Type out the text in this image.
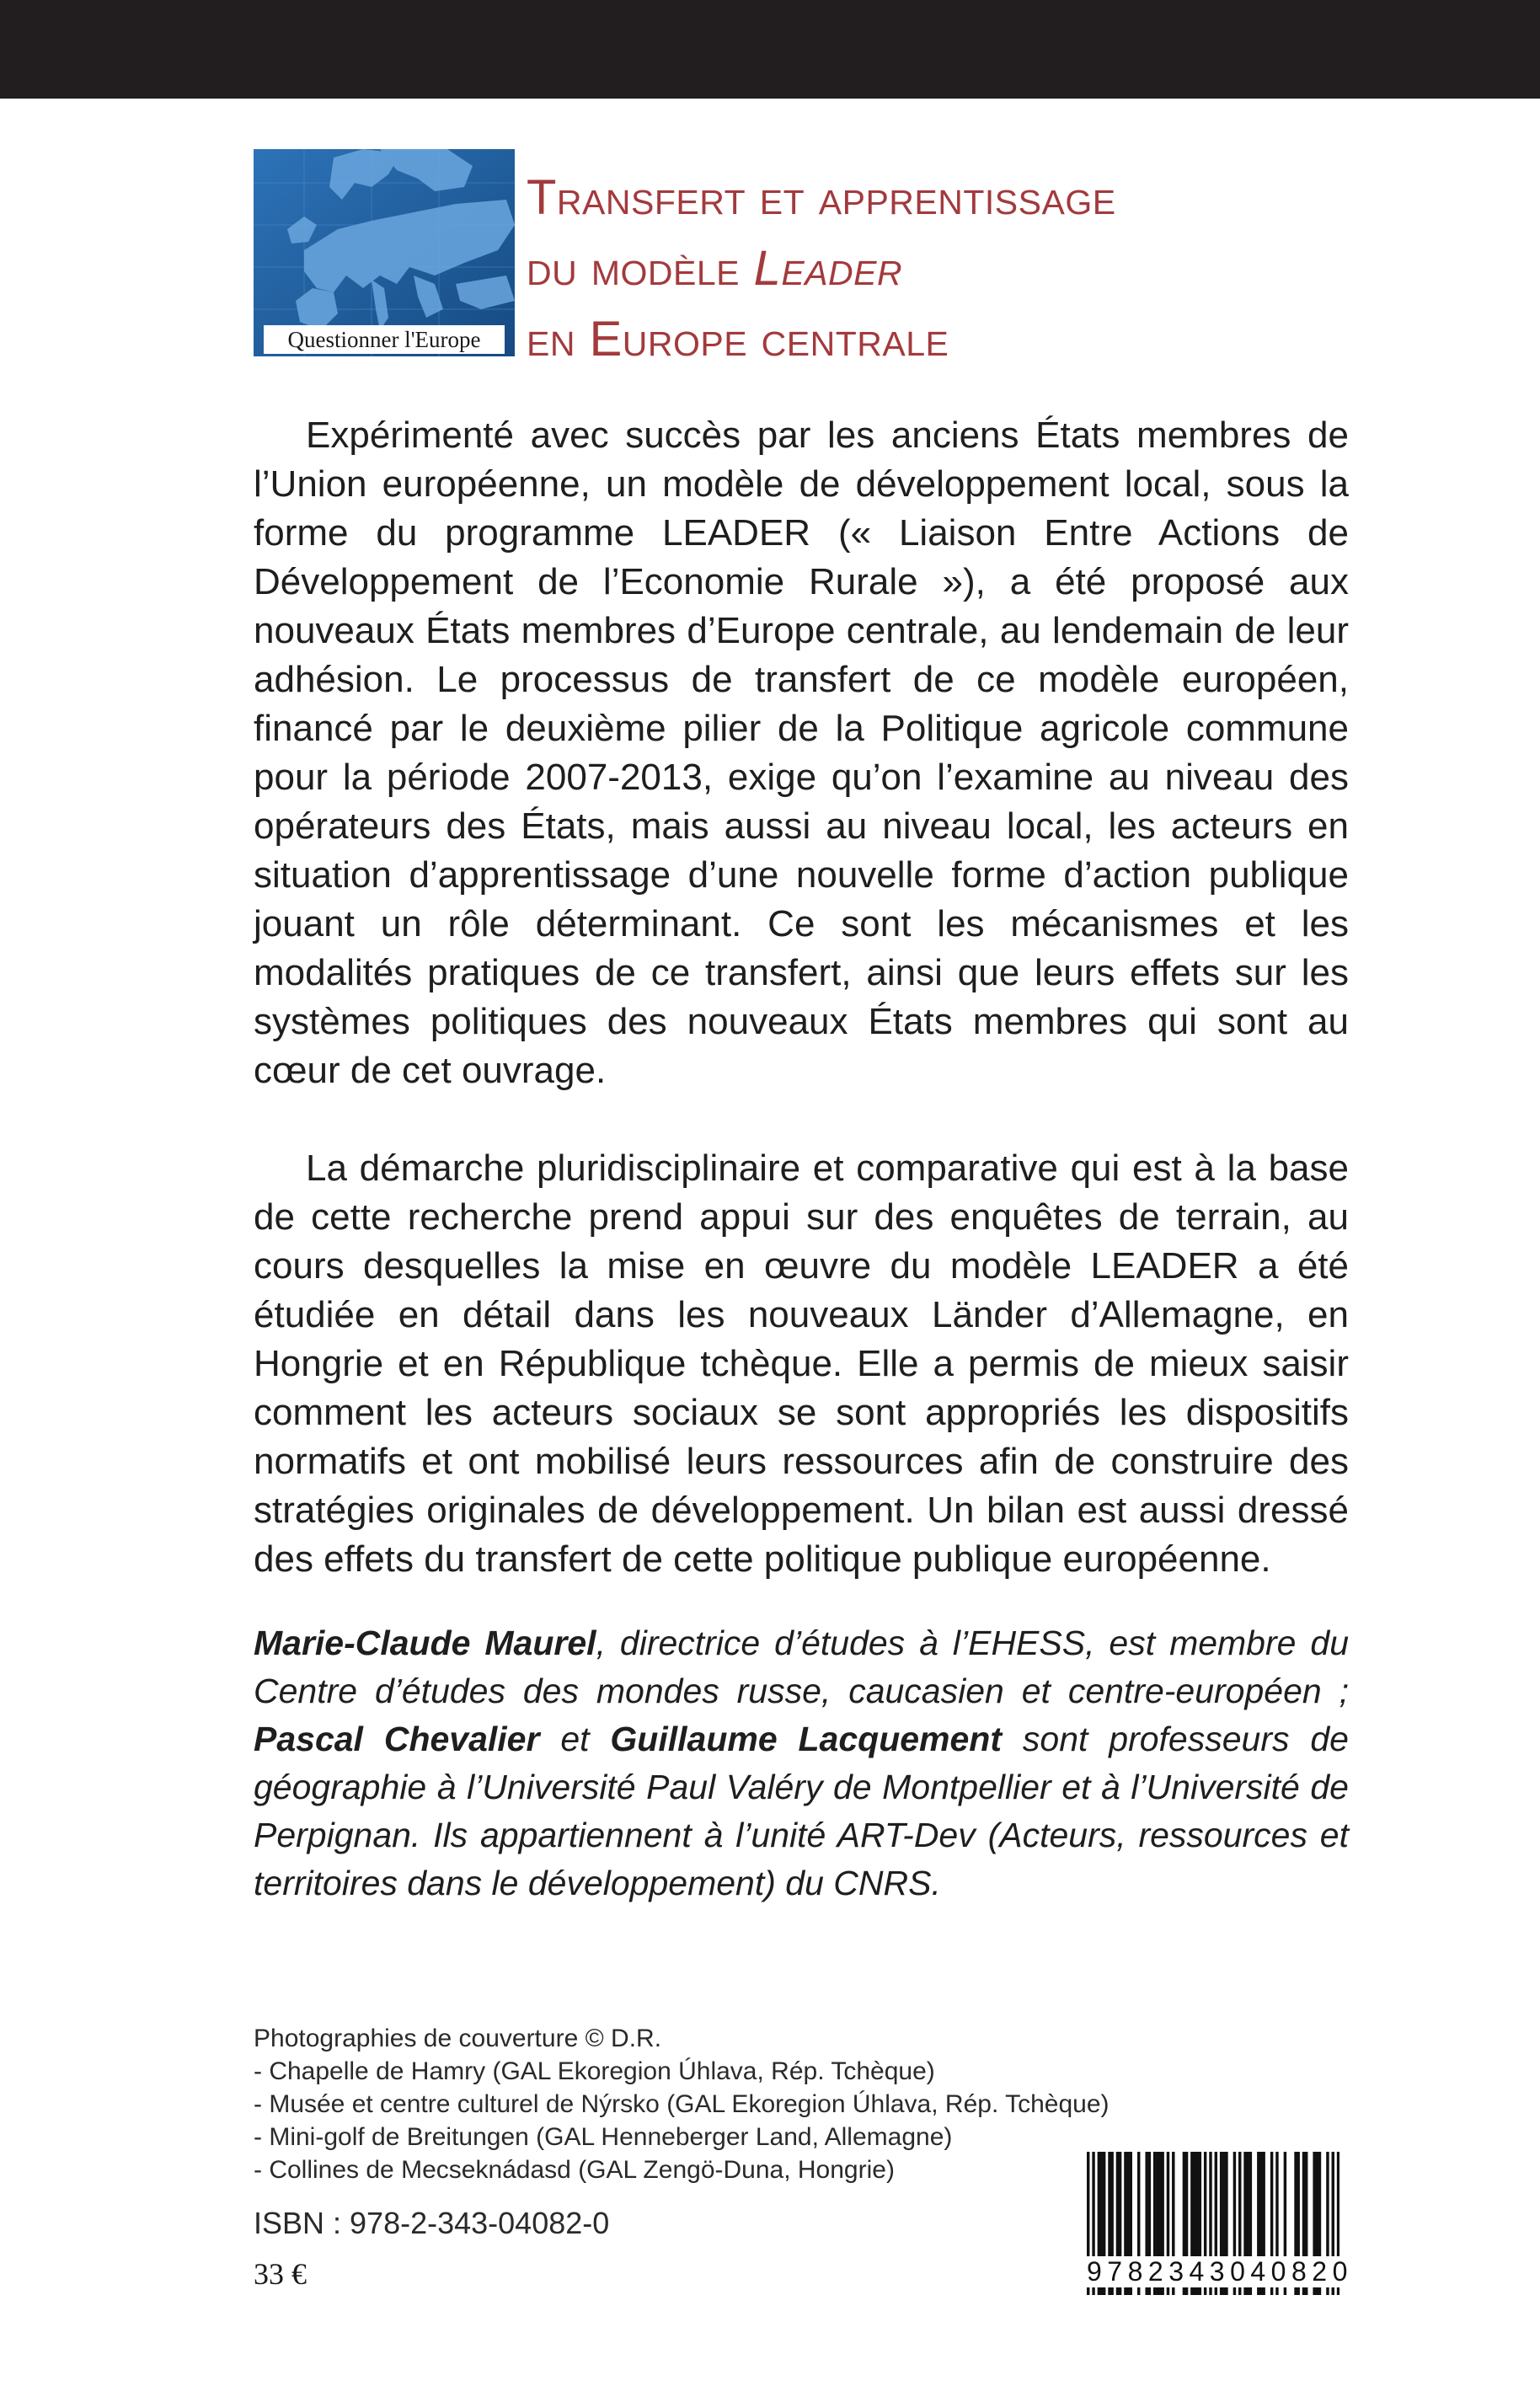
Questionner l'Europe
Transfert et apprentissage
du modèle Leader
en Europe centrale

Expérimenté avec succès par les anciens États membres de l’Union européenne, un modèle de développement local, sous la forme du programme LEADER (« Liaison Entre Actions de Développement de l’Economie Rurale »), a été proposé aux nouveaux États membres d’Europe centrale, au lendemain de leur adhésion. Le processus de transfert de ce modèle européen, financé par le deuxième pilier de la Politique agricole commune pour la période 2007-2013, exige qu’on l’examine au niveau des opérateurs des États, mais aussi au niveau local, les acteurs en situation d’apprentissage d’une nouvelle forme d’action publique jouant un rôle déterminant. Ce sont les mécanismes et les modalités pratiques de ce transfert, ainsi que leurs effets sur les systèmes politiques des nouveaux États membres qui sont au cœur de cet ouvrage.

La démarche pluridisciplinaire et comparative qui est à la base de cette recherche prend appui sur des enquêtes de terrain, au cours desquelles la mise en œuvre du modèle LEADER a été étudiée en détail dans les nouveaux Länder d’Allemagne, en Hongrie et en République tchèque. Elle a permis de mieux saisir comment les acteurs sociaux se sont appropriés les dispositifs normatifs et ont mobilisé leurs ressources afin de construire des stratégies originales de développement. Un bilan est aussi dressé des effets du transfert de cette politique publique européenne.

Marie-Claude Maurel, directrice d’études à l’EHESS, est membre du Centre d’études des mondes russe, caucasien et centre-européen ; Pascal Chevalier et Guillaume Lacquement sont professeurs de géographie à l’Université Paul Valéry de Montpellier et à l’Université de Perpignan. Ils appartiennent à l’unité ART-Dev (Acteurs, ressources et territoires dans le développement) du CNRS.
Photographies de couverture © D.R.
- Chapelle de Hamry (GAL Ekoregion Úhlava, Rép. Tchèque)
- Musée et centre culturel de Nýrsko (GAL Ekoregion Úhlava, Rép. Tchèque)
- Mini-golf de Breitungen (GAL Henneberger Land, Allemagne)
- Collines de Mecseknádasd (GAL Zengö-Duna, Hongrie)
ISBN : 978-2-343-04082-0
33 €	9782343040820
